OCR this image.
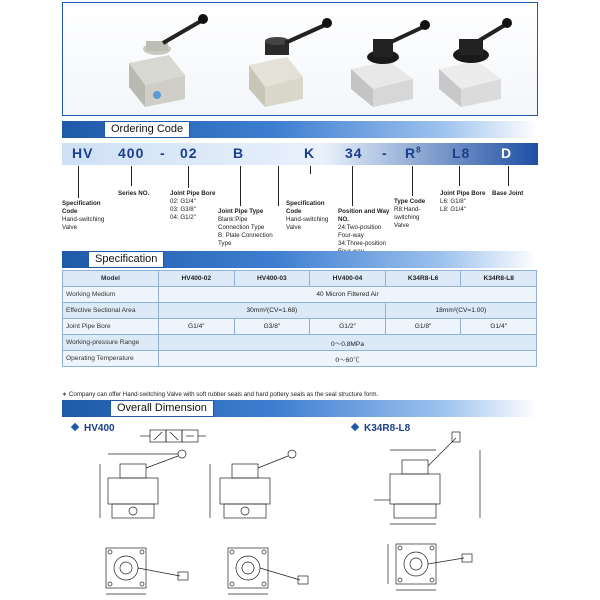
Ordering Code
HV 400 - 02	B	K $34 - R^8$ L8 D
Specification Code
Hand-switching Valve
Series NO.	Joint Pipe Bore
02: G1/4"
03: G3/8"
04: G1/2"
Joint Pipe Type
Blank:Pipe Connection Type
B: Plate Connection Type
Specification Code
Hand-switching Valve
Position and Way NO.
24:Two-position Four-way
34:Three-position
Type Code
R8:Hand-switching Valve
Joint Pipe Bore
L6: G1/8"
L8: G1/4"
Base Joint
Specification
Model	HV400-02	HV400-03	HV400-04	K34R8-L6	K34R8-L8
Working Medium	40 Micron Filtered Air				
Effective Sectional Area	30mm²(CV=1.68)			18mm²(CV=1.00)	
Joint Pipe Bore	G1/4″	G3/8″	G1/2″	G1/8″	G1/4″
Working-pressure Range	0～0.8MPa				
Operating Temperature	0～60℃				
∗ Company can offer Hand-switching Valve with soft rubber seals and hard pottery seals as the seal structure form.
Overall Dimension
HV400	K34R8-L8
